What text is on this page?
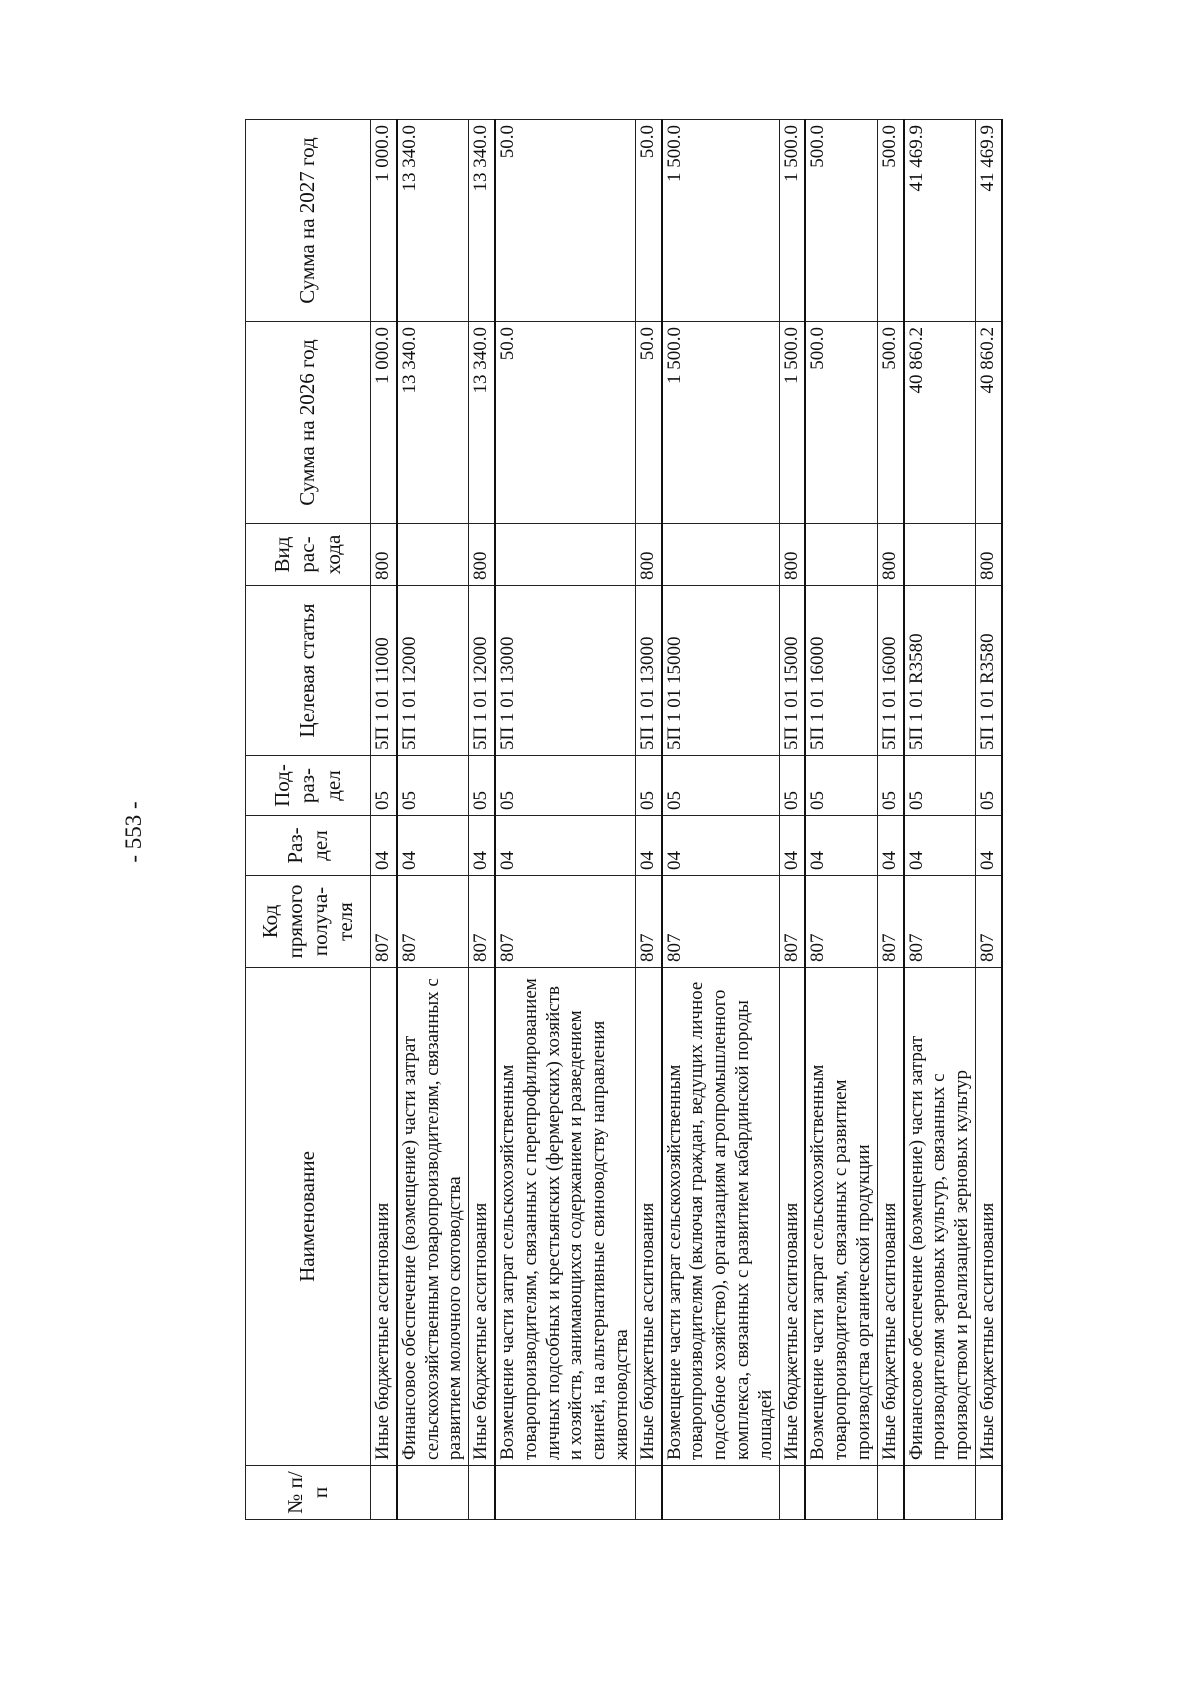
- 553 -
№ п/п	Наименование	Код прямого получа-теля	Раз-дел	Под-раз-дел	Целевая статья	Вид рас-хода	Сумма на 2026 год	Сумма на 2027 год
	Иные бюджетные ассигнования	807	04	05	5П 1 01 11000	800	1 000.0	1 000.0
	Финансовое обеспечение (возмещение) части затрат сельскохозяйственным товаропроизводителям, связанных с развитием молочного скотоводства	807	04	05	5П 1 01 12000		13 340.0	13 340.0
	Иные бюджетные ассигнования	807	04	05	5П 1 01 12000	800	13 340.0	13 340.0
	Возмещение части затрат сельскохозяйственным товаропроизводителям, связанных с перепрофилированием личных подсобных и крестьянских (фермерских) хозяйств и хозяйств, занимающихся содержанием и разведением свиней, на альтернативные свиноводству направления животноводства	807	04	05	5П 1 01 13000		50.0	50.0
	Иные бюджетные ассигнования	807	04	05	5П 1 01 13000	800	50.0	50.0
	Возмещение части затрат сельскохозяйственным товаропроизводителям (включая граждан, ведущих личное подсобное хозяйство), организациям агропромышленного комплекса, связанных с развитием кабардинской породы лошадей	807	04	05	5П 1 01 15000		1 500.0	1 500.0
	Иные бюджетные ассигнования	807	04	05	5П 1 01 15000	800	1 500.0	1 500.0
	Возмещение части затрат сельскохозяйственным товаропроизводителям, связанных с развитием производства органической продукции	807	04	05	5П 1 01 16000		500.0	500.0
	Иные бюджетные ассигнования	807	04	05	5П 1 01 16000	800	500.0	500.0
	Финансовое обеспечение (возмещение) части затрат производителям зерновых культур, связанных с производством и реализацией зерновых культур	807	04	05	5П 1 01 R3580		40 860.2	41 469.9
	Иные бюджетные ассигнования	807	04	05	5П 1 01 R3580	800	40 860.2	41 469.9
